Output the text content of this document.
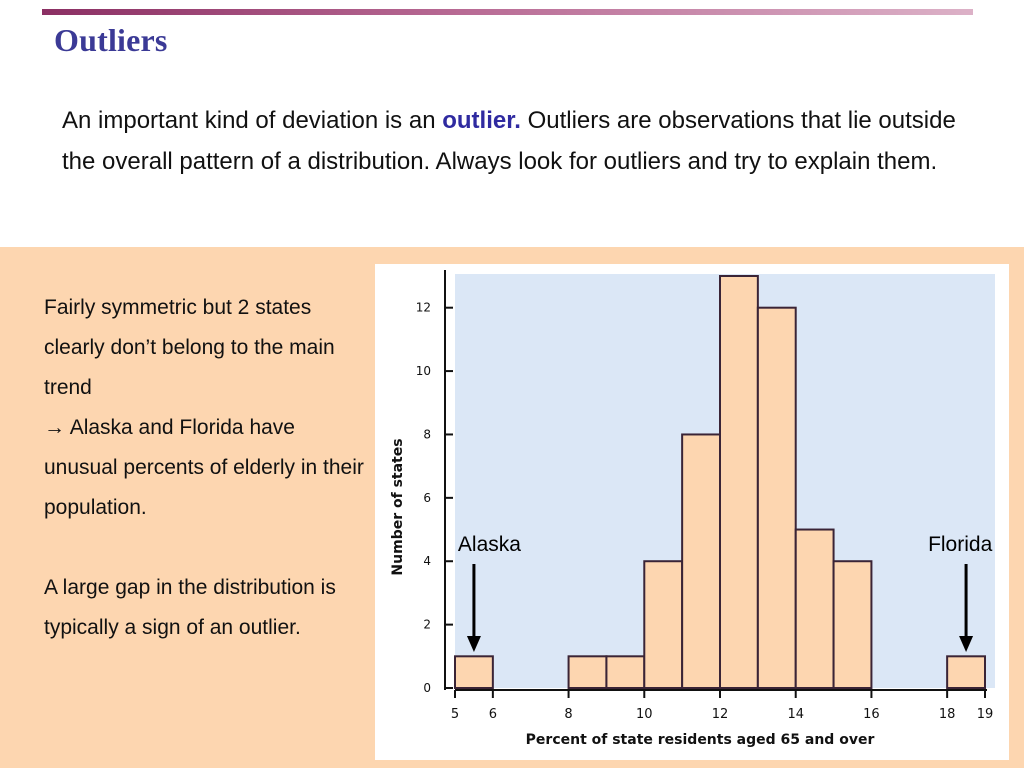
Outliers

An important kind of deviation is an outlier. Outliers are observations that lie outside the overall pattern of a distribution. Always look for outliers and try to explain them.

Fairly symmetric but 2 states clearly don’t belong to the main trend
→ Alaska and Florida have unusual percents of elderly in their population.

A large gap in the distribution is typically a sign of an outlier.

5 6	8	10	12	14	16	18 19
0
2
4
6
8
10
12
Alaska	Florida
Percent of state residents aged 65 and over
Number of states
